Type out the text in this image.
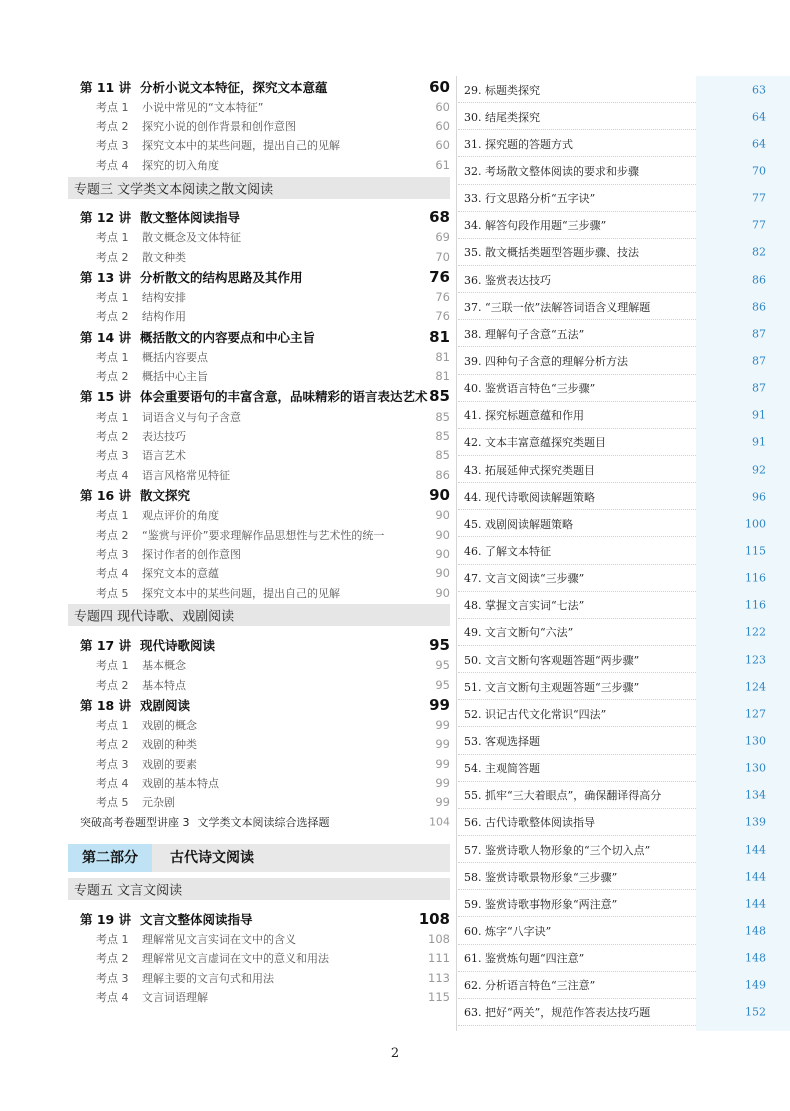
第 11 讲 分析小说文本特征，探究文本意蕴	60
考点 1 小说中常见的“文本特征”	60
考点 2 探究小说的创作背景和创作意图	60
考点 3 探究文本中的某些问题，提出自己的见解	60
考点 4 探究的切入角度	61
专题三 文学类文本阅读之散文阅读
第 12 讲 散文整体阅读指导	68
考点 1 散文概念及文体特征	69
考点 2 散文种类	70
第 13 讲 分析散文的结构思路及其作用	76
考点 1 结构安排	76
考点 2 结构作用	76
第 14 讲 概括散文的内容要点和中心主旨	81
考点 1 概括内容要点	81
考点 2 概括中心主旨	81
第 15 讲 体会重要语句的丰富含意，品味精彩的语言表达艺术 85
考点 1 词语含义与句子含意	85
考点 2 表达技巧	85
考点 3 语言艺术	85
考点 4 语言风格常见特征	86
第 16 讲 散文探究	90
考点 1 观点评价的角度	90
考点 2 “鉴赏与评价”要求理解作品思想性与艺术性的统一	90
考点 3 探讨作者的创作意图	90
考点 4 探究文本的意蕴	90
考点 5 探究文本中的某些问题，提出自己的见解	90
专题四 现代诗歌、戏剧阅读
第 17 讲 现代诗歌阅读	95
考点 1 基本概念	95
考点 2 基本特点	95
第 18 讲 戏剧阅读	99
考点 1 戏剧的概念	99
考点 2 戏剧的种类	99
考点 3 戏剧的要素	99
考点 4 戏剧的基本特点	99
考点 5 元杂剧	99
突破高考卷题型讲座 3 文学类文本阅读综合选择题	104
第二部分	古代诗文阅读
专题五 文言文阅读
第 19 讲 文言文整体阅读指导	108
考点 1 理解常见文言实词在文中的含义	108
考点 2 理解常见文言虚词在文中的意义和用法	111
考点 3 理解主要的文言句式和用法	113
考点 4 文言词语理解	115
29. 标题类探究	63
30. 结尾类探究	64
31. 探究题的答题方式	64
32. 考场散文整体阅读的要求和步骤	70
33. 行文思路分析“五字诀”	77
34. 解答句段作用题“三步骤”	77
35. 散文概括类题型答题步骤、技法	82
36. 鉴赏表达技巧	86
37. “三联一依”法解答词语含义理解题	86
38. 理解句子含意“五法”	87
39. 四种句子含意的理解分析方法	87
40. 鉴赏语言特色“三步骤”	87
41. 探究标题意蕴和作用	91
42. 文本丰富意蕴探究类题目	91
43. 拓展延伸式探究类题目	92
44. 现代诗歌阅读解题策略	96
45. 戏剧阅读解题策略	100
46. 了解文本特征	115
47. 文言文阅读“三步骤”	116
48. 掌握文言实词“七法”	116
49. 文言文断句“六法”	122
50. 文言文断句客观题答题“两步骤”	123
51. 文言文断句主观题答题“三步骤”	124
52. 识记古代文化常识“四法”	127
53. 客观选择题	130
54. 主观简答题	130
55. 抓牢“三大着眼点”，确保翻译得高分	134
56. 古代诗歌整体阅读指导	139
57. 鉴赏诗歌人物形象的“三个切入点”	144
58. 鉴赏诗歌景物形象“三步骤”	144
59. 鉴赏诗歌事物形象“两注意”	144
60. 炼字“八字诀”	148
61. 鉴赏炼句题“四注意”	148
62. 分析语言特色“三注意”	149
63. 把好“两关”，规范作答表达技巧题	152
2
